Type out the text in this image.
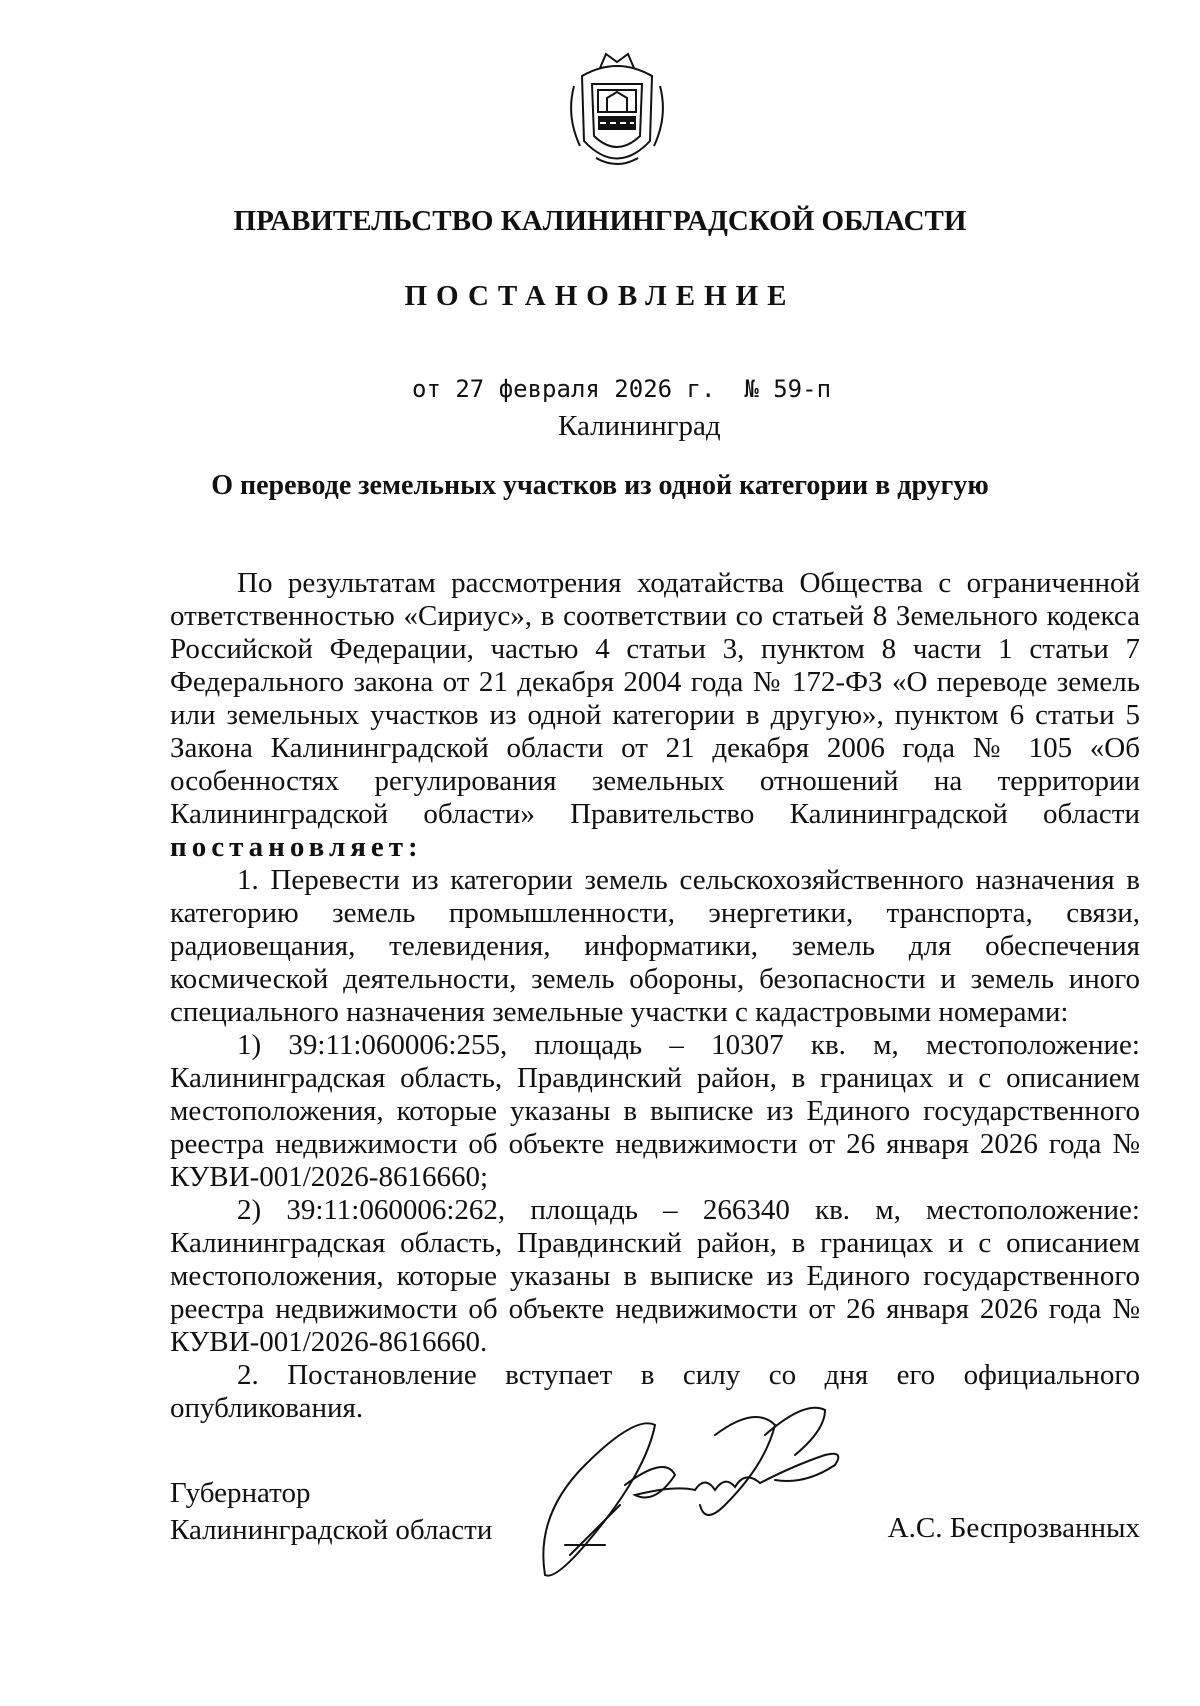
ПРАВИТЕЛЬСТВО КАЛИНИНГРАДСКОЙ ОБЛАСТИ
ПОСТАНОВЛЕНИЕ
от 27 февраля 2026 г.  № 59-п
Калининград
О переводе земельных участков из одной категории в другую

По результатам рассмотрения ходатайства Общества с ограниченной ответственностью «Сириус», в соответствии со статьей 8 Земельного кодекса Российской Федерации, частью 4 статьи 3, пунктом 8 части 1 статьи 7 Федерального закона от 21 декабря 2004 года № 172-ФЗ «О переводе земель или земельных участков из одной категории в другую», пунктом 6 статьи 5 Закона Калининградской области от 21 декабря 2006 года № 105 «Об особенностях регулирования земельных отношений на территории Калининградской области» Правительство Калининградской области постановляет:

1. Перевести из категории земель сельскохозяйственного назначения в категорию земель промышленности, энергетики, транспорта, связи, радиовещания, телевидения, информатики, земель для обеспечения космической деятельности, земель обороны, безопасности и земель иного специального назначения земельные участки с кадастровыми номерами:

1) 39:11:060006:255, площадь – 10307 кв. м, местоположение: Калининградская область, Правдинский район, в границах и с описанием местоположения, которые указаны в выписке из Единого государственного реестра недвижимости об объекте недвижимости от 26 января 2026 года № КУВИ-001/2026-8616660;

2) 39:11:060006:262, площадь – 266340 кв. м, местоположение: Калининградская область, Правдинский район, в границах и с описанием местоположения, которые указаны в выписке из Единого государственного реестра недвижимости об объекте недвижимости от 26 января 2026 года № КУВИ-001/2026-8616660.

2. Постановление вступает в силу со дня его официального опубликования.

Губернатор
Калининградской области	А.С. Беспрозванных
